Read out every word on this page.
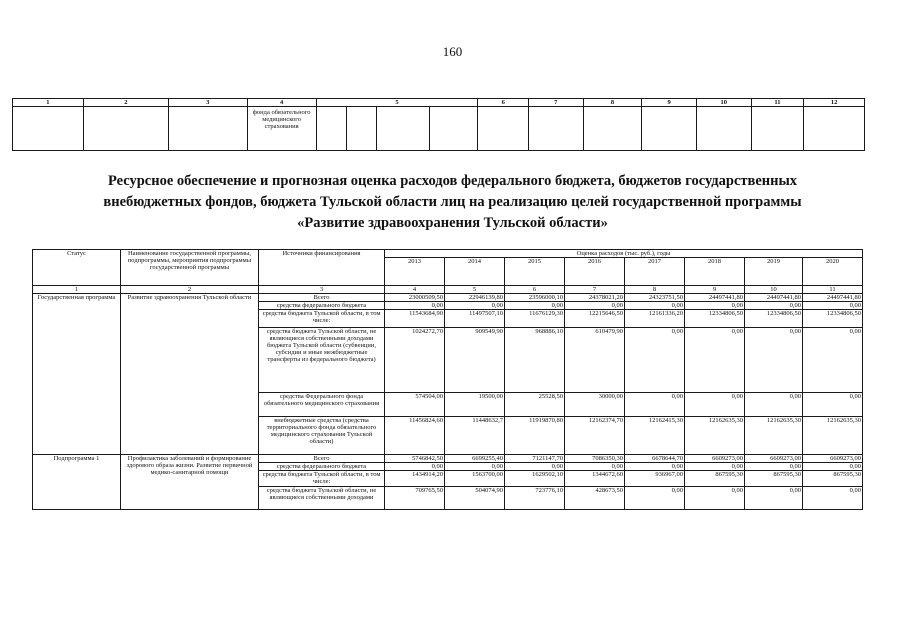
160
1	2	3	4	5				6	7	8	9	10	11	12
			фонда обязательного медицинского страхования											
Ресурсное обеспечение и прогнозная оценка расходов федерального бюджета, бюджетов государственных
внебюджетных фондов, бюджета Тульской области лиц на реализацию целей государственной программы
«Развитие здравоохранения Тульской области»
Статус	Наименование государственной программы, подпрограммы, мероприятия подпрограммы государственной программы	Источники финансирования	Оценка расходов (тыс. руб.), годы							
			2013	2014	2015	2016	2017	2018	2019	2020
1	2	3	4	5	6	7	8	9	10	11
Государственная программа	Развитие здравоохранения Тульской области	Всего	23000509,50	22946139,80	23596000,10	24378021,20	24323751,50	24497441,80	24497441,80	24497441,80
		средства федерального бюджета	0,00	0,00	0,00	0,00	0,00	0,00	0,00	0,00
		средства бюджета Тульской области, в том числе:	11543684,90	11497507,10	11676129,30	12215646,50	12161336,20	12334806,50	12334806,50	12334806,50
		средства бюджета Тульской области, не являющиеся собственными доходами бюджета Тульской области (субвенции, субсидии и иные межбюджетные трансферты из федерального бюджета)	1024272,70	909549,90	968886,10	610479,90	0,00	0,00	0,00	0,00
		средства Федерального фонда обязательного медицинского страхования	574504,00	19500,00	25528,50	30000,00	0,00	0,00	0,00	0,00
		внебюджетные средства (средства территориального фонда обязательного медицинского страхования Тульской области)	11456824,60	11448632,7	11919870,80	12162374,70	12162415,30	12162635,30	12162635,30	12162635,30
Подпрограмма 1	Профилактика заболеваний и формирование здорового образа жизни. Развитие первичной медико-санитарной помощи	Всего	5746842,50	6699255,40	7121147,70	7086350,30	6678644,70	6609273,00	6609273,00	6609273,00
		средства федерального бюджета	0,00	0,00	0,00	0,00	0,00	0,00	0,00	0,00
		средства бюджета Тульской области, в том числе:	1434914,20	1563700,00	1629502,10	1344672,60	936967,00	867595,30	867595,30	867595,30
		средства бюджета Тульской области, не являющиеся собственными доходами	709765,50	504074,90	723776,10	428673,50	0,00	0,00	0,00	0,00
